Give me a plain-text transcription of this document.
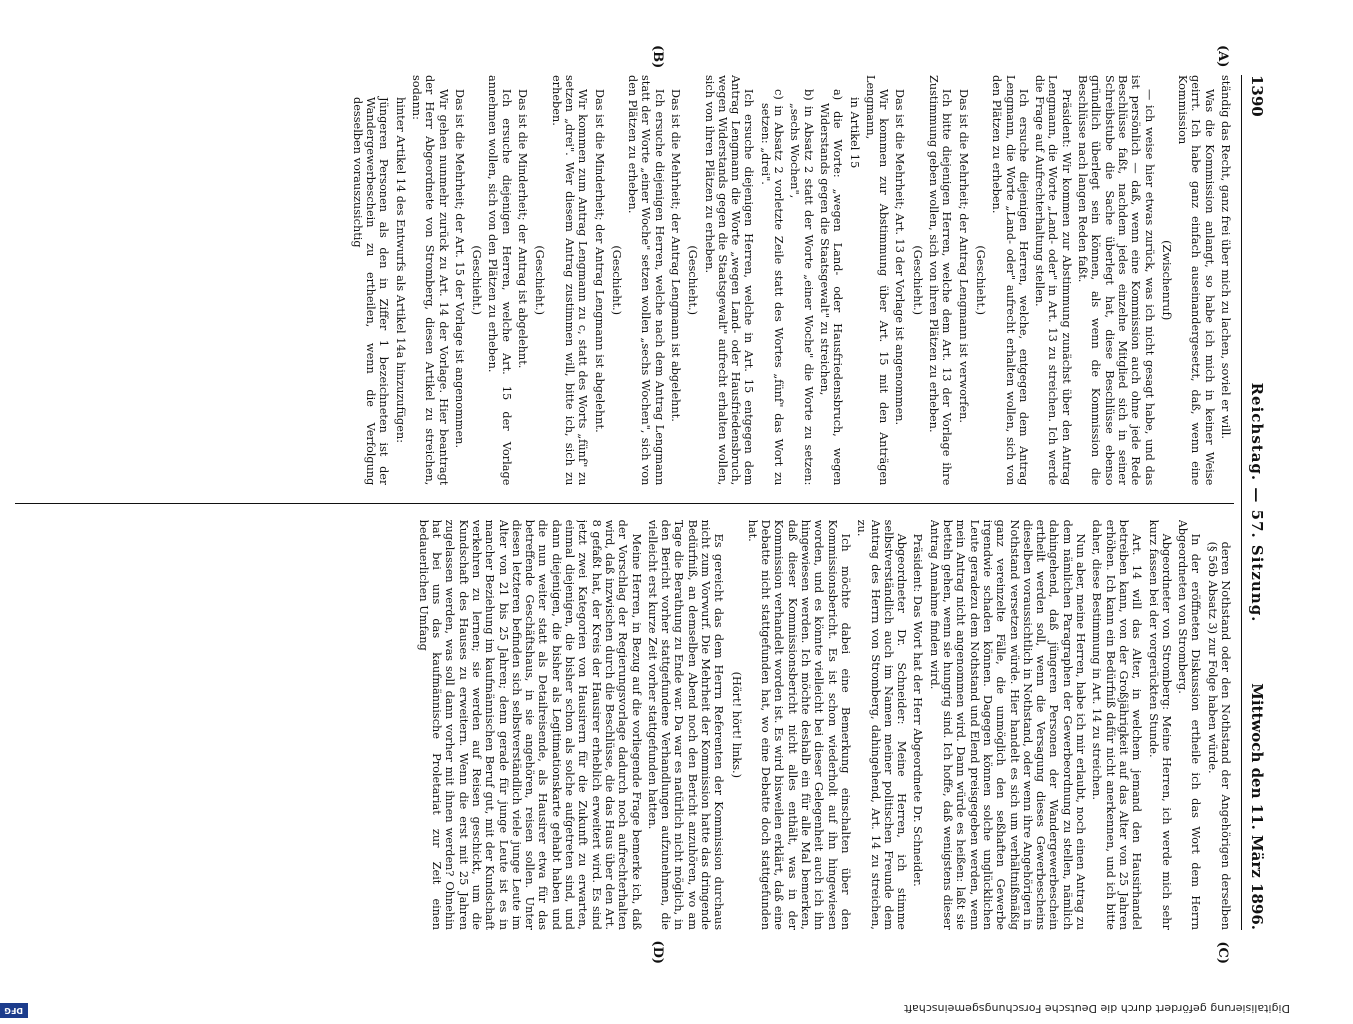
1390
Reichstag. — 57. Sitzung.
Mittwoch den 11. März 1896.
(A)
(B)
(C)
(D)

ständig das Recht, ganz frei über mich zu lachen, soviel er will.

Was die Kommission anlangt, so habe ich mich in keiner Weise geirrt. Ich habe ganz einfach auseinandergesetzt, daß, wenn eine Kommission

(Zwischenruf)

— ich weise hier etwas zurück, was ich nicht gesagt habe, und das ist persönlich — daß, wenn eine Kommission auch ohne jede Rede Beschlüsse faßt, nachdem jedes einzelne Mitglied sich in seiner Schreibstube die Sache überlegt hat, diese Beschlüsse ebenso gründlich überlegt sein können, als wenn die Kommission die Beschlüsse nach langen Reden faßt.

Präsident: Wir kommen zur Abstimmung zunächst über den Antrag Lengmann, die Worte „Land- oder" in Art. 13 zu streichen. Ich werde die Frage auf Aufrechterhaltung stellen.

Ich ersuche diejenigen Herren, welche, entgegen dem Antrag Lengmann, die Worte „Land- oder" aufrecht erhalten wollen, sich von den Plätzen zu erheben.

(Geschieht.)

Das ist die Mehrheit; der Antrag Lengmann ist verworfen.

Ich bitte diejenigen Herren, welche dem Art. 13 der Vorlage ihre Zustimmung geben wollen, sich von ihren Plätzen zu erheben.

(Geschieht.)

Das ist die Mehrheit; Art. 13 der Vorlage ist angenommen.

Wir kommen zur Abstimmung über Art. 15 mit den Anträgen Lengmann,

in Artikel 15

a) die Worte: „wegen Land- oder Hausfriedensbruch, wegen Widerstands gegen die Staatsgewalt" zu streichen,

b) in Absatz 2 statt der Worte „einer Woche" die Worte zu setzen: „sechs Wochen",

c) in Absatz 2 vorletzte Zeile statt des Wortes „fünf" das Wort zu setzen: „drei".

Ich ersuche diejenigen Herren, welche in Art. 15 entgegen dem Antrag Lengmann die Worte „wegen Land- oder Hausfriedensbruch, wegen Widerstands gegen die Staatsgewalt" aufrecht erhalten wollen, sich von ihren Plätzen zu erheben.

(Geschieht.)

Das ist die Mehrheit; der Antrag Lengmann ist abgelehnt.

Ich ersuche diejenigen Herren, welche nach dem Antrag Lengmann statt der Worte „einer Woche" setzen wollen „sechs Wochen", sich von den Plätzen zu erheben.

(Geschieht.)

Das ist die Minderheit; der Antrag Lengmann ist abgelehnt.

Wir kommen zum Antrag Lengmann zu c, statt des Worts „fünf" zu setzen „drei". Wer diesem Antrag zustimmen will, bitte ich, sich zu erheben.

(Geschieht.)

Das ist die Minderheit; der Antrag ist abgelehnt.

Ich ersuche diejenigen Herren, welche Art. 15 der Vorlage annehmen wollen, sich von den Plätzen zu erheben.

(Geschieht.)

Das ist die Mehrheit; der Art. 15 der Vorlage ist angenommen.

Wir gehen nunmehr zurück zu Art. 14 der Vorlage. Hier beantragt der Herr Abgeordnete von Stromberg, diesen Artikel zu streichen, sodann:

hinter Artikel 14 des Entwurfs als Artikel 14a hinzuzufügen:

Jüngeren Personen als den in Ziffer 1 bezeichneten ist der Wandergewerbeschein zu ertheilen, wenn die Verfolgung desselben vorauszusichtig

deren Nothstand oder den Nothstand der Angehörigen derselben (§ 56b Absatz 3) zur Folge haben würde.

In der eröffneten Diskussion ertheile ich das Wort dem Herrn Abgeordneten von Stromberg.

Abgeordneter von Stromberg: Meine Herren, ich werde mich sehr kurz fassen bei der vorgerückten Stunde.

Art. 14 will das Alter, in welchem jemand den Hausirhandel betreiben kann, von der Großjährigkeit auf das Alter von 25 Jahren erhöhen. Ich kann ein Bedürfniß dafür nicht anerkennen, und ich bitte daher, diese Bestimmung in Art. 14 zu streichen.

Nun aber, meine Herren, habe ich mir erlaubt, noch einen Antrag zu dem nämlichen Paragraphen der Gewerbeordnung zu stellen, nämlich dahingehend, daß jüngeren Personen der Wandergewerbeschein ertheilt werden soll, wenn die Versagung dieses Gewerbescheins dieselben voraussichtlich in Nothstand, oder wenn ihre Angehörigen in Nothstand versetzen würde. Hier handelt es sich um verhältnißmäßig ganz vereinzelte Fälle, die unmöglich den seßhaften Gewerbe irgendwie schaden können. Dagegen können solche unglücklichen Leute geradezu dem Nothstand und Elend preisgegeben werden, wenn mein Antrag nicht angenommen wird. Dann würde es heißen: laßt sie betteln gehen, wenn sie hungrig sind. Ich hoffe, daß wenigstens dieser Antrag Annahme finden wird.

Präsident: Das Wort hat der Herr Abgeordnete Dr. Schneider.

Abgeordneter Dr. Schneider: Meine Herren, ich stimme selbstverständlich auch im Namen meiner politischen Freunde dem Antrag des Herrn von Stromberg, dahingehend, Art. 14 zu streichen, zu.

Ich möchte dabei eine Bemerkung einschalten über den Kommissionsbericht. Es ist schon wiederholt auf ihn hingewiesen worden, und es könnte vielleicht bei dieser Gelegenheit auch ich ihn hingewiesen werden. Ich möchte deshalb ein für alle Mal bemerken, daß dieser Kommissionsbericht nicht alles enthält, was in der Kommission verhandelt worden ist. Es wird bisweilen erklärt, daß eine Debatte nicht stattgefunden hat, wo eine Debatte doch stattgefunden hat.

(Hört! hört! links.)

Es gereicht das dem Herrn Referenten der Kommission durchaus nicht zum Vorwurf. Die Mehrheit der Kommission hatte das dringende Bedürfniß, an demselben Abend noch den Bericht anzuhören, wo am Tage die Berathung zu Ende war. Da war es natürlich nicht möglich, in den Bericht vorher stattgefundene Verhandlungen aufzunehmen, die vielleicht erst kurze Zeit vorher stattgefunden hatten.

Meine Herren, in Bezug auf die vorliegende Frage bemerke ich, daß der Vorschlag der Regierungsvorlage dadurch noch aufrechterhalten wird, daß inzwischen durch die Beschlüsse, die das Haus über den Art. 8 gefaßt hat, der Kreis der Hausirer erheblich erweitert wird. Es sind jetzt zwei Kategorien von Hausirern für die Zukunft zu erwarten, einmal diejenigen, die bisher schon als solche aufgetreten sind, und dann diejenigen, die bisher als Legitimationskarte gehabt haben und die nun weiter statt als Detailreisende, als Hausirer etwa für das betreffende Geschäftshaus, in sie angehören, reisen sollen. Unter diesen letzteren befinden sich selbstverständlich viele junge Leute im Alter von 21 bis 25 Jahren; denn gerade für junge Leute ist es in mancher Beziehung im kaufmännischen Beruf gut, mit der Kundschaft verkehren zu lernen; sie werden auf Reisen geschickt, um die Kundschaft des Hauses zu erweitern. Wenn die erst mit 25 Jahren zugelassen werden, was soll dann vorher mit ihnen werden? Ohnehin hat bei uns das kaufmännische Proletariat zur Zeit einen bedauerlichen Umfang

Digitalisierung gefördert durch die Deutsche Forschungsgemeinschaft
DFG
